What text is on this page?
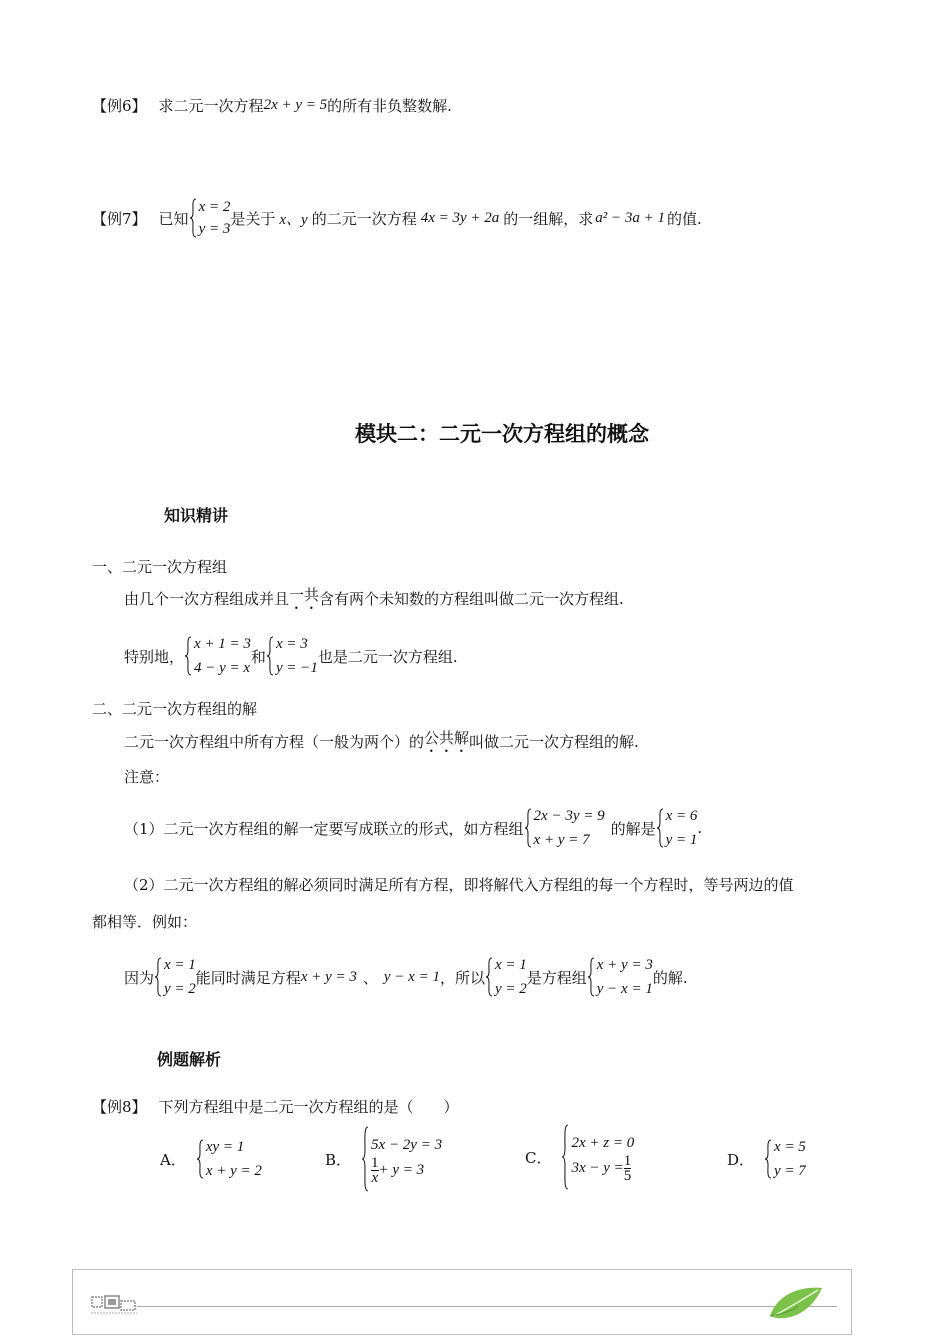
【例6】 求二元一次方程 2x + y = 5 的所有非负整数解.
【例7】 已知
x = 2
y = 3
是关于 x、y 的二元一次方程 4x = 3y + 2a 的一组解，求 a² − 3a + 1 的值.
模块二：二元一次方程组的概念
知识精讲
一、二元一次方程组
由几个一次方程组成并且 一共 含有两个未知数的方程组叫做二元一次方程组.
特别地，
x + 1 = 3
4 − y = x
和
x = 3
y = −1
也是二元一次方程组.
二、二元一次方程组的解
二元一次方程组中所有方程（一般为两个）的 公共解 叫做二元一次方程组的解.
注意：
（1）二元一次方程组的解一定要写成联立的形式，如方程组
2x − 3y = 9
x + y = 7
的解是
x = 6
y = 1
.
（2）二元一次方程组的解必须同时满足所有方程，即将解代入方程组的每一个方程时，等号两边的值
都相等．例如：
因为
x = 1
y = 2
能同时满足方程 x + y = 3 、 y − x = 1 ，所以
x = 1
y = 2
是方程组
x + y = 3
y − x = 1
的解.
例题解析
【例8】 下列方程组中是二元一次方程组的是（　　）
A．
xy = 1
x + y = 2
B．
5x − 2y = 3
$\frac{1}{x} + y = 3$
C．
2x + z = 0
$3x - y = \frac{1}{5}$	D．
x = 5
y = 7
